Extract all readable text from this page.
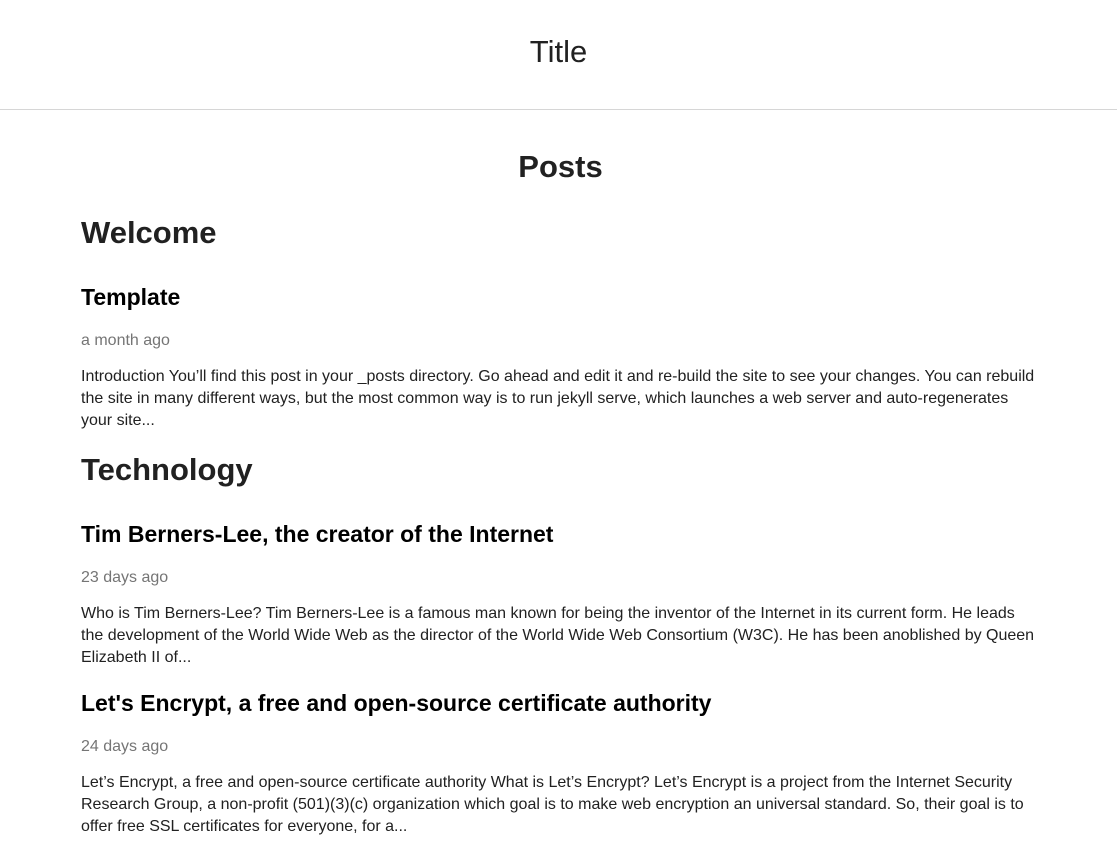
Title
Posts
Welcome
Template
a month ago

Introduction You’ll find this post in your _posts directory. Go ahead and edit it and re-build the site to see your changes. You can rebuild the site in many different ways, but the most common way is to run jekyll serve, which launches a web server and auto-regenerates your site...

Technology
Tim Berners-Lee, the creator of the Internet
23 days ago

Who is Tim Berners-Lee? Tim Berners-Lee is a famous man known for being the inventor of the Internet in its current form. He leads the development of the World Wide Web as the director of the World Wide Web Consortium (W3C). He has been anoblished by Queen Elizabeth II of...

Let's Encrypt, a free and open-source certificate authority
24 days ago

Let’s Encrypt, a free and open-source certificate authority What is Let’s Encrypt? Let’s Encrypt is a project from the Internet Security Research Group, a non-profit (501)(3)(c) organization which goal is to make web encryption an universal standard. So, their goal is to offer free SSL certificates for everyone, for a...
